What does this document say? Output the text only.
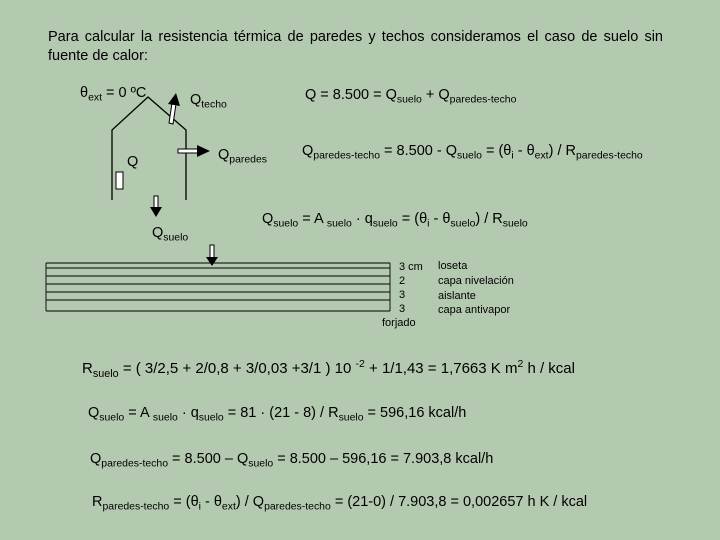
Para calcular la resistencia térmica de paredes y techos consideramos el caso de suelo sin fuente de calor:
$\theta_{ext} = 0$ ºC	$Q_{techo}$
$Q_{paredes}$
Q
$Q_{suelo}$
$Q = 8.500 = Q_{suelo} + Q_{paredes-techo}$
$Q_{paredes-techo} = 8.500 - Q_{suelo} = (\theta_i - \theta_{ext}) / R_{paredes-techo}$
$Q_{suelo} = A$ $_{suelo} \cdot q_{suelo} = (\theta_i - \theta_{suelo}) / R_{suelo}$
3 cm
2
3
3
forjado
loseta
capa nivelación
aislante
capa antivapor
$R_{suelo}$ = ( 3/2,5 + 2/0,8 + 3/0,03 +3/1 ) 10 $^{-2}$ + 1/1,43 = 1,7663 K $m^2$ h / kcal
$Q_{suelo} = A$ $_{suelo} \cdot q_{suelo} = 81 \cdot (21 - 8) / R_{suelo} = 596,16$ kcal/h
$Q_{paredes-techo} = 8.500 - Q_{suelo} = 8.500 - 596,16 = 7.903,8$ kcal/h
$R_{paredes-techo} = (\theta_i - \theta_{ext}) / Q_{paredes-techo} = (21-0) / 7.903,8 = 0,002657$ h K / kcal
